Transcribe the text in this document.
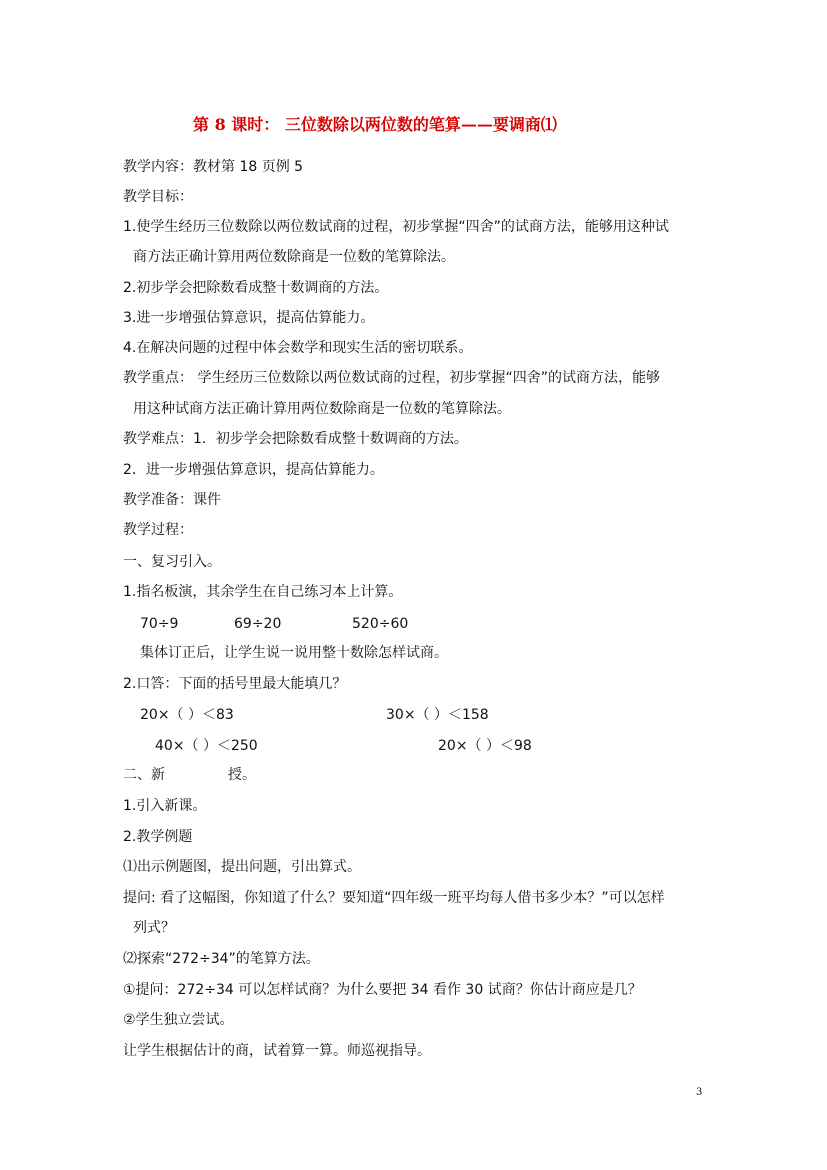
第 8 课时： 三位数除以两位数的笔算——要调商⑴
教学内容：教材第 18 页例 5
教学目标：
1.使学生经历三位数除以两位数试商的过程，初步掌握“四舍”的试商方法，能够用这种试
商方法正确计算用两位数除商是一位数的笔算除法。
2.初步学会把除数看成整十数调商的方法。
3.进一步增强估算意识，提高估算能力。
4.在解决问题的过程中体会数学和现实生活的密切联系。
教学重点： 学生经历三位数除以两位数试商的过程，初步掌握“四舍”的试商方法，能够
用这种试商方法正确计算用两位数除商是一位数的笔算除法。
教学难点：1．初步学会把除数看成整十数调商的方法。
2．进一步增强估算意识，提高估算能力。
教学准备：课件
教学过程：
一、复习引入。
1.指名板演，其余学生在自己练习本上计算。
70÷9	69÷20	520÷60
集体订正后，让学生说一说用整十数除怎样试商。
2.口答：下面的括号里最大能填几？
20×（ ）＜83	30×（ ）＜158
40×（ ）＜250	20×（ ）＜98
二、新	授。
1.引入新课。
2.教学例题
⑴出示例题图，提出问题，引出算式。
提问: 看了这幅图，你知道了什么？要知道“四年级一班平均每人借书多少本？”可以怎样
列式？
⑵探索“272÷34”的笔算方法。
①提问：272÷34 可以怎样试商？为什么要把 34 看作 30 试商？你估计商应是几？
②学生独立尝试。
让学生根据估计的商，试着算一算。师巡视指导。
3
